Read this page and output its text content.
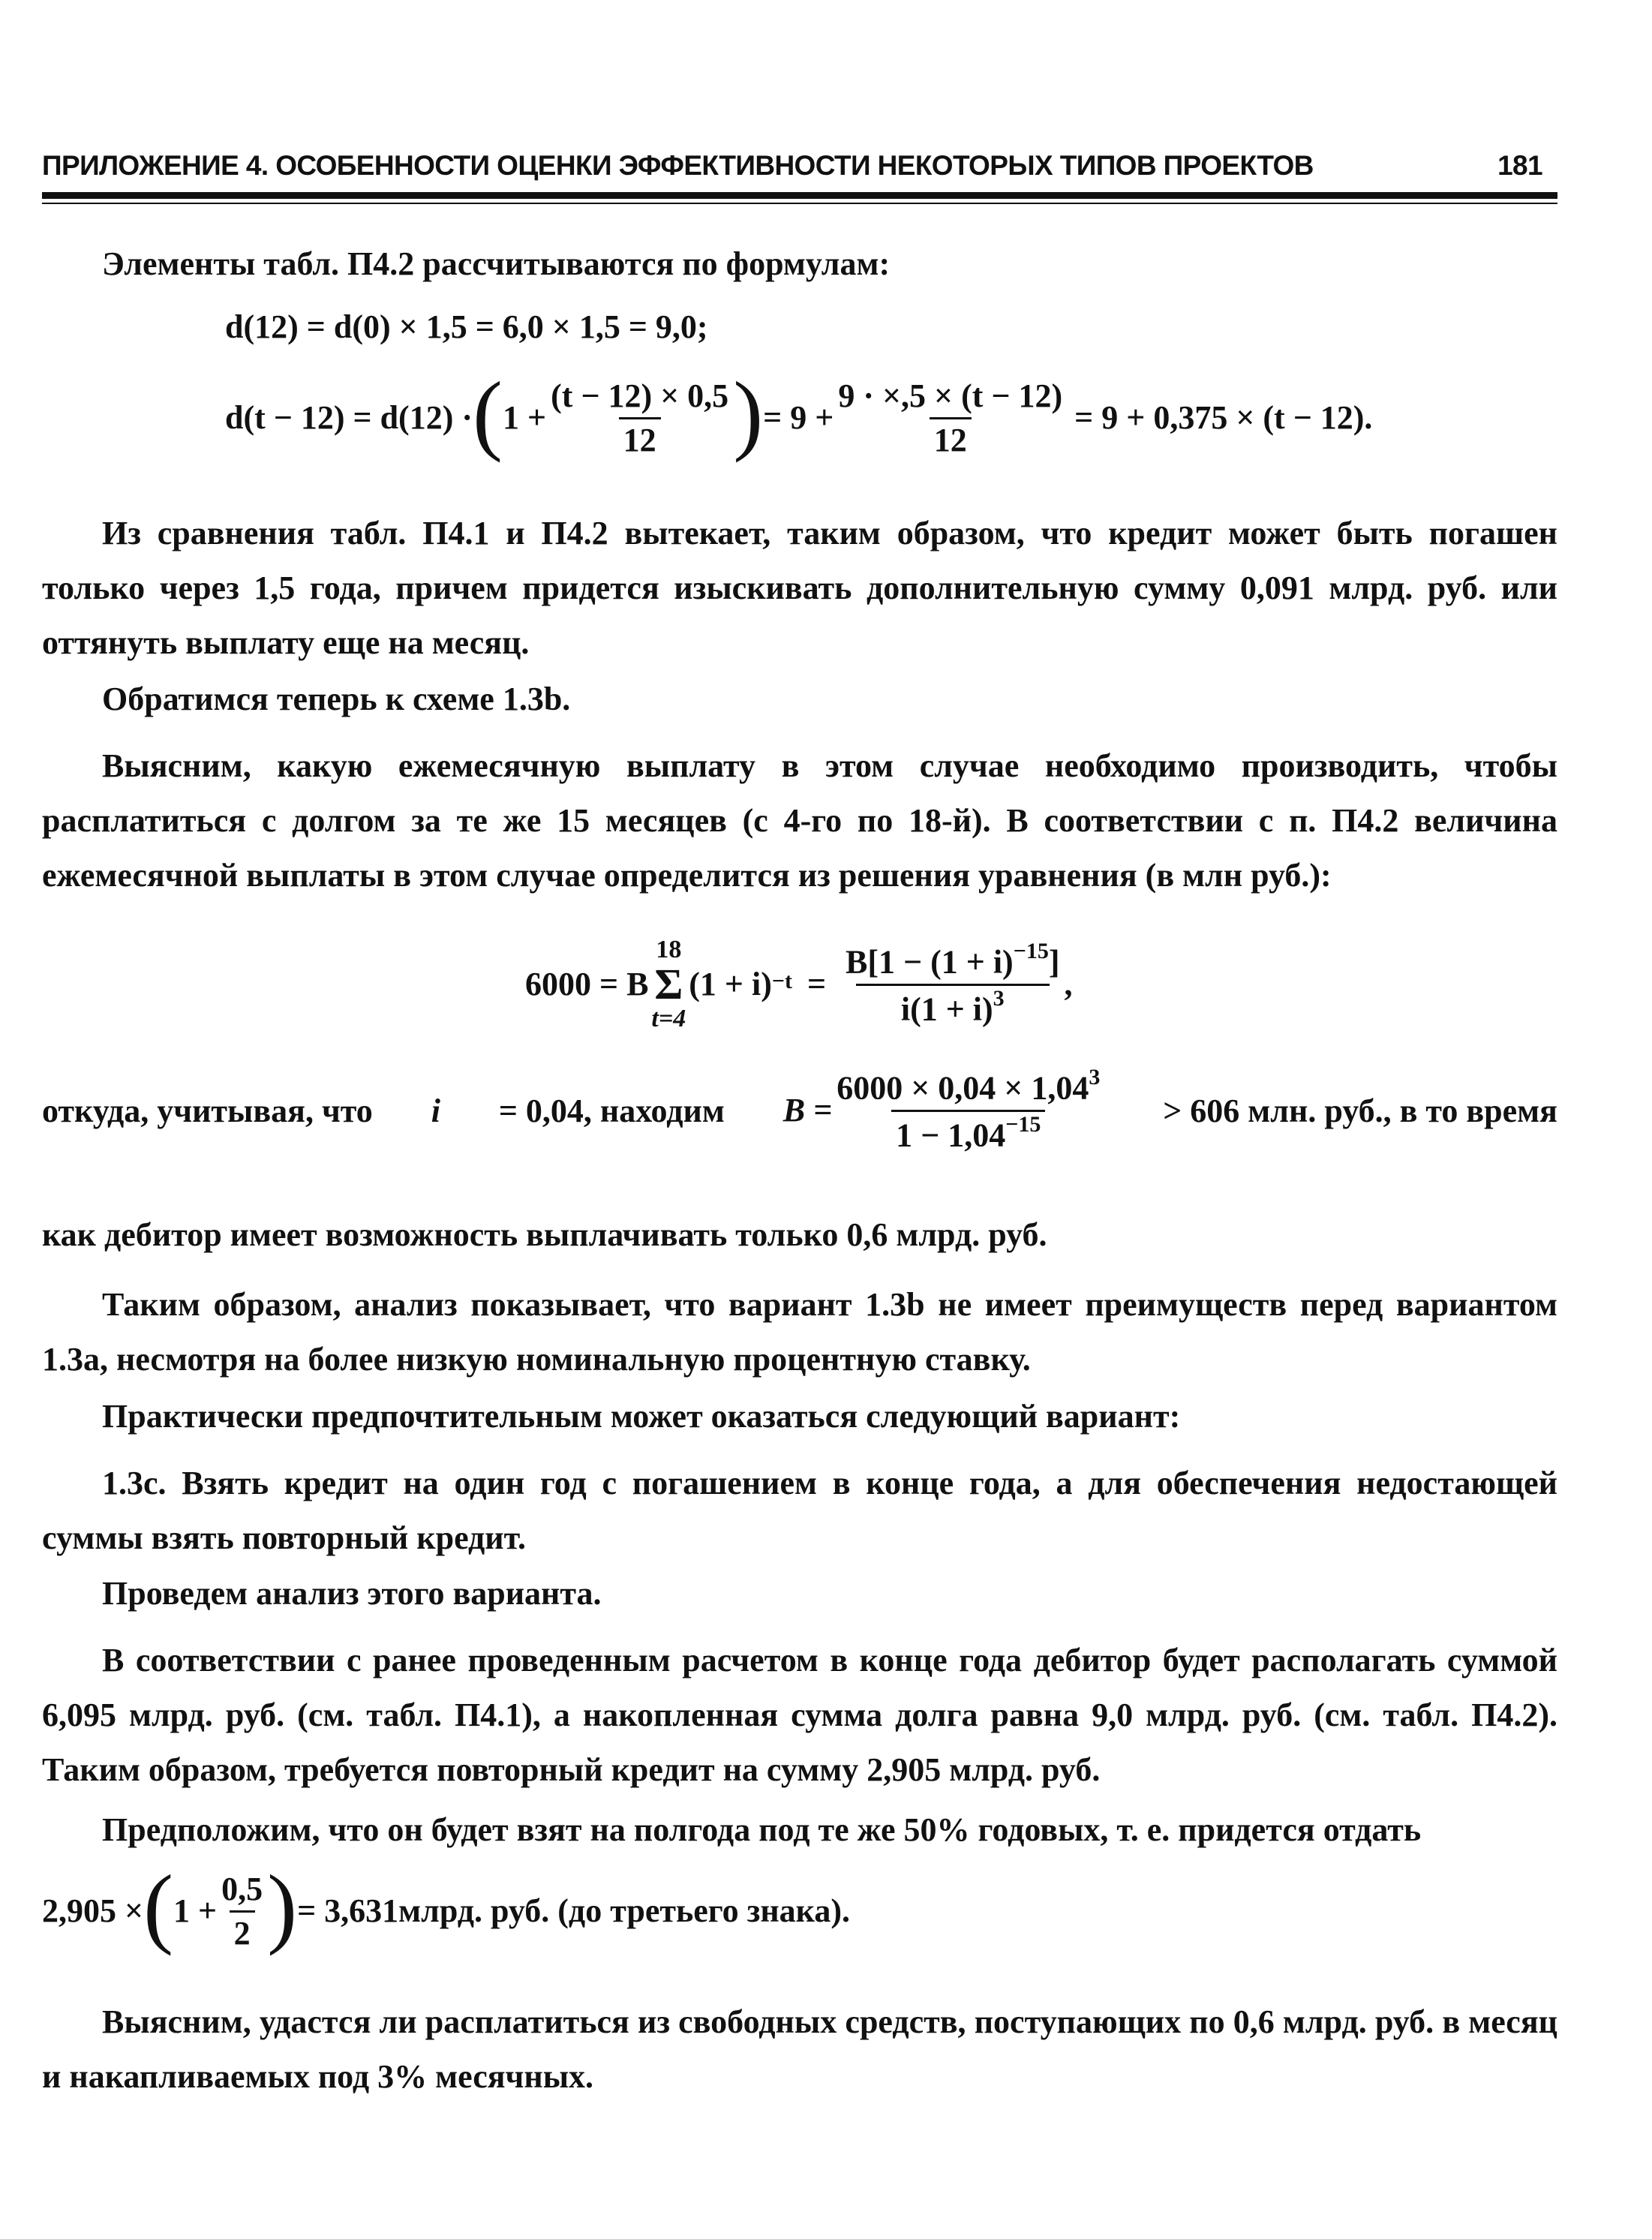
ПРИЛОЖЕНИЕ 4. ОСОБЕННОСТИ ОЦЕНКИ ЭФФЕКТИВНОСТИ НЕКОТОРЫХ ТИПОВ ПРОЕКТОВ	181
Элементы табл. П4.2 рассчитываются по формулам:
d(12) = d(0) × 1,5 = 6,0 × 1,5 = 9,0;
d(t − 12) = d(12) · ( $1 + \frac{(t - 12) \times 0,5}{12}$ ) = $9 + \frac{9 \cdot \times,5 \times (t - 12)}{12} = 9 + 0,375 \times (t - 12)$.

Из сравнения табл. П4.1 и П4.2 вытекает, таким образом, что кредит может быть погашен только через 1,5 года, причем придется изыскивать дополнительную сумму 0,091 млрд. руб. или оттянуть выплату еще на месяц.

Обратимся теперь к схеме 1.3b.

Выясним, какую ежемесячную выплату в этом случае необходимо производить, чтобы расплатиться с долгом за те же 15 месяцев (с 4-го по 18-й). В соответствии с п. П4.2 величина ежемесячной выплаты в этом случае определится из решения уравнения (в млн руб.):

6000 = B
18
Σ
t=4
$(1 + i)^{-t} = \frac{B[1 - (1 + i)^{-15}]}{i(1 + i)^3}$ ,
откуда, учитывая, что i = 0,04, находим $B = \frac{6000 \times 0,04 \times 1,04^3}{1 - 1,04^{-15}} > 606$ млн. руб., в то время
как дебитор имеет возможность выплачивать только 0,6 млрд. руб.

Таким образом, анализ показывает, что вариант 1.3b не имеет преимуществ перед вариантом 1.3а, несмотря на более низкую номинальную процентную ставку.

Практически предпочтительным может оказаться следующий вариант:

1.3с. Взять кредит на один год с погашением в конце года, а для обеспечения недостающей суммы взять повторный кредит.

Проведем анализ этого варианта.

В соответствии с ранее проведенным расчетом в конце года дебитор будет располагать суммой 6,095 млрд. руб. (см. табл. П4.1), а накопленная сумма долга равна 9,0 млрд. руб. (см. табл. П4.2). Таким образом, требуется повторный кредит на сумму 2,905 млрд. руб.

Предположим, что он будет взят на полгода под те же 50% годовых, т. е. придется отдать

2,905 × ( $1 + \frac{0,5}{2}$ ) = 3,631млрд. руб. (до третьего знака).

Выясним, удастся ли расплатиться из свободных средств, поступающих по 0,6 млрд. руб. в месяц и накапливаемых под 3% месячных.
